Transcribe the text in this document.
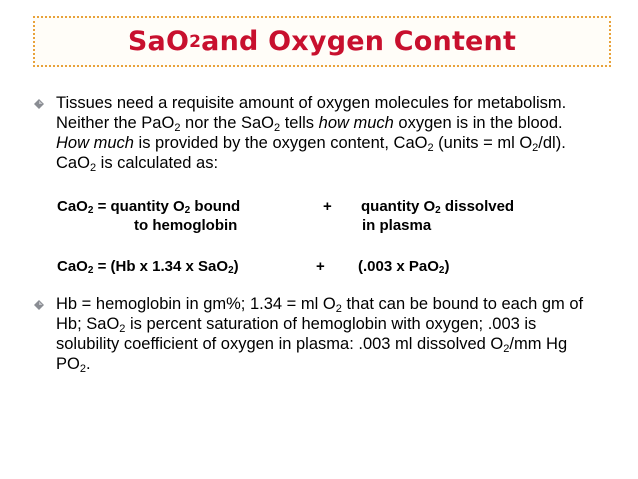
SaO 2 and Oxygen Content
Tissues need a requisite amount of oxygen molecules for metabolism. Neither the PaO$_2$ nor the SaO$_2$ tells how much oxygen is in the blood. How much is provided by the oxygen content, CaO$_2$ (units = ml $O_2/dl$). CaO$_2$ is calculated as:
CaO$_2$ = quantity $O_2$ bound	+ quantity $O_2$ dissolved
to hemoglobin	in plasma
CaO$_2$ = (Hb x 1.34 x SaO$_2$)	+ (.003 x PaO$_2$)
Hb = hemoglobin in gm%; 1.34 = ml $O_2$ that can be bound to each gm of Hb; SaO$_2$ is percent saturation of hemoglobin with oxygen; .003 is solubility coefficient of oxygen in plasma: .003 ml dissolved $O_2/mm$ Hg $PO_2$.
